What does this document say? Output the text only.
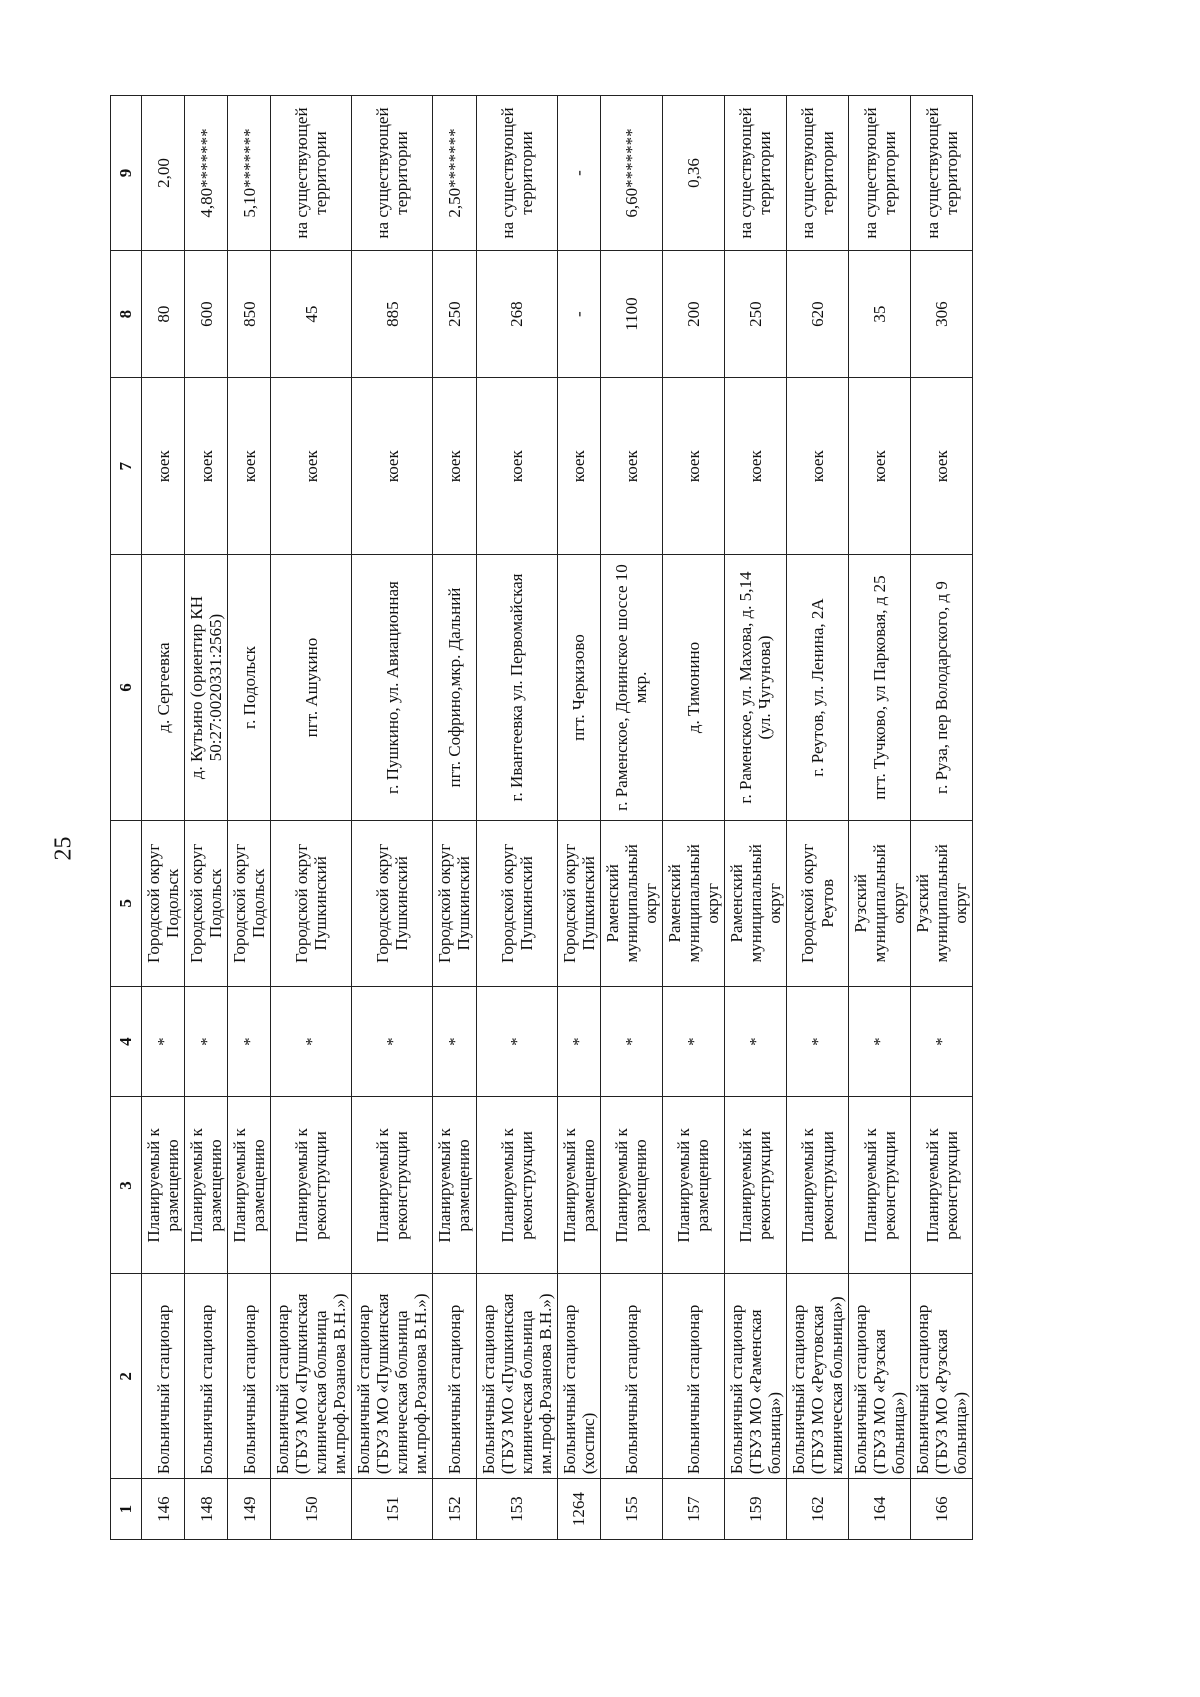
25
1	2	3	4	5	6	7	8	9
146	Больничный стационар	Планируемый к размещению	*	Городской округ Подольск	д. Сергеевка	коек	80	2,00
148	Больничный стационар	Планируемый к размещению	*	Городской округ Подольск	д. Кутьино (ориентир КН 50:27:0020331:2565)	коек	600	4,80*******
149	Больничный стационар	Планируемый к размещению	*	Городской округ Подольск	г. Подольск	коек	850	5,10*******
150	Больничный стационар (ГБУЗ МО «Пушкинская клиническая больница им.проф.Розанова В.Н.»)	Планируемый к реконструкции	*	Городской округ Пушкинский	пгт. Ашукино	коек	45	на существующей территории
151	Больничный стационар (ГБУЗ МО «Пушкинская клиническая больница им.проф.Розанова В.Н.»)	Планируемый к реконструкции	*	Городской округ Пушкинский	г. Пушкино, ул. Авиационная	коек	885	на существующей территории
152	Больничный стационар	Планируемый к размещению	*	Городской округ Пушкинский	пгт. Софрино,мкр. Дальний	коек	250	2,50*******
153	Больничный стационар (ГБУЗ МО «Пушкинская клиническая больница им.проф.Розанова В.Н.»)	Планируемый к реконструкции	*	Городской округ Пушкинский	г. Ивантеевка ул. Первомайская	коек	268	на существующей территории
1264	Больничный стационар (хоспис)	Планируемый к размещению	*	Городской округ Пушкинский	пгт. Черкизово	коек	-	-
155	Больничный стационар	Планируемый к размещению	*	Раменский муниципальный округ	г. Раменское, Донинское шоссе 10 мкр.	коек	1100	6,60*******
157	Больничный стационар	Планируемый к размещению	*	Раменский муниципальный округ	д. Тимонино	коек	200	0,36
159	Больничный стационар (ГБУЗ МО «Раменская больница»)	Планируемый к реконструкции	*	Раменский муниципальный округ	г. Раменское, ул. Махова, д. 5,14 (ул. Чугунова)	коек	250	на существующей территории
162	Больничный стационар (ГБУЗ МО «Реутовская клиническая больница»)	Планируемый к реконструкции	*	Городской округ Реутов	г. Реутов, ул. Ленина, 2А	коек	620	на существующей территории
164	Больничный стационар (ГБУЗ МО «Рузская больница»)	Планируемый к реконструкции	*	Рузский муниципальный округ	пгт. Тучково, ул Парковая, д 25	коек	35	на существующей территории
166	Больничный стационар (ГБУЗ МО «Рузская больница»)	Планируемый к реконструкции	*	Рузский муниципальный округ	г. Руза, пер Володарского, д 9	коек	306	на существующей территории
